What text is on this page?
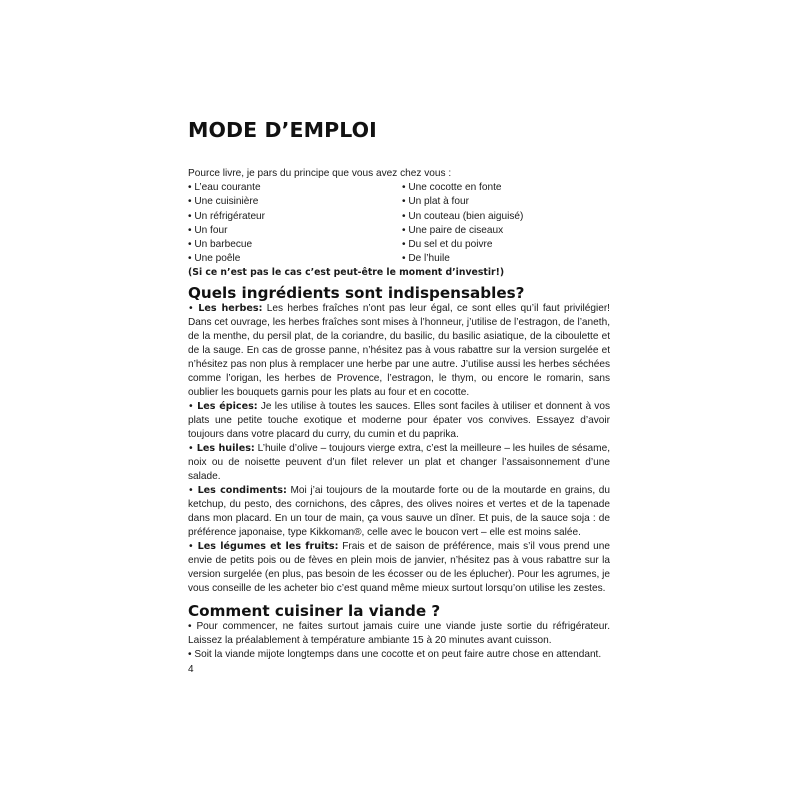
MODE D’EMPLOI
Pource livre, je pars du principe que vous avez chez vous :
• L’eau courante
• Une cuisinière
• Un réfrigérateur
• Un four
• Un barbecue
• Une poêle
• Une cocotte en fonte
• Un plat à four
• Un couteau (bien aiguisé)
• Une paire de ciseaux
• Du sel et du poivre
• De l’huile
(Si ce n’est pas le cas c’est peut-être le moment d’investir!)
Quels ingrédients sont indispensables?

• Les herbes: Les herbes fraîches n’ont pas leur égal, ce sont elles qu’il faut privilégier! Dans cet ouvrage, les herbes fraîches sont mises à l’honneur, j’utilise de l’estragon, de l’aneth, de la menthe, du persil plat, de la coriandre, du basilic, du basilic asiatique, de la ciboulette et de la sauge. En cas de grosse panne, n’hésitez pas à vous rabattre sur la version surgelée et n’hésitez pas non plus à remplacer une herbe par une autre. J’utilise aussi les herbes séchées comme l’origan, les herbes de Provence, l’estragon, le thym, ou encore le romarin, sans oublier les bouquets garnis pour les plats au four et en cocotte.

• Les épices: Je les utilise à toutes les sauces. Elles sont faciles à utiliser et donnent à vos plats une petite touche exotique et moderne pour épater vos convives. Essayez d’avoir toujours dans votre placard du curry, du cumin et du paprika.

• Les huiles: L’huile d’olive – toujours vierge extra, c’est la meilleure – les huiles de sésame, noix ou de noisette peuvent d’un filet relever un plat et changer l’assaisonnement d’une salade.

• Les condiments: Moi j’ai toujours de la moutarde forte ou de la moutarde en grains, du ketchup, du pesto, des cornichons, des câpres, des olives noires et vertes et de la tapenade dans mon placard. En un tour de main, ça vous sauve un dîner. Et puis, de la sauce soja : de préférence japonaise, type Kikkoman®, celle avec le boucon vert – elle est moins salée.

• Les légumes et les fruits: Frais et de saison de préférence, mais s’il vous prend une envie de petits pois ou de fèves en plein mois de janvier, n’hésitez pas à vous rabattre sur la version surgelée (en plus, pas besoin de les écosser ou de les éplucher). Pour les agrumes, je vous conseille de les acheter bio c’est quand même mieux surtout lorsqu’on utilise les zestes.

Comment cuisiner la viande ?

• Pour commencer, ne faites surtout jamais cuire une viande juste sortie du réfrigérateur. Laissez la préalablement à température ambiante 15 à 20 minutes avant cuisson.

• Soit la viande mijote longtemps dans une cocotte et on peut faire autre chose en attendant.

4
